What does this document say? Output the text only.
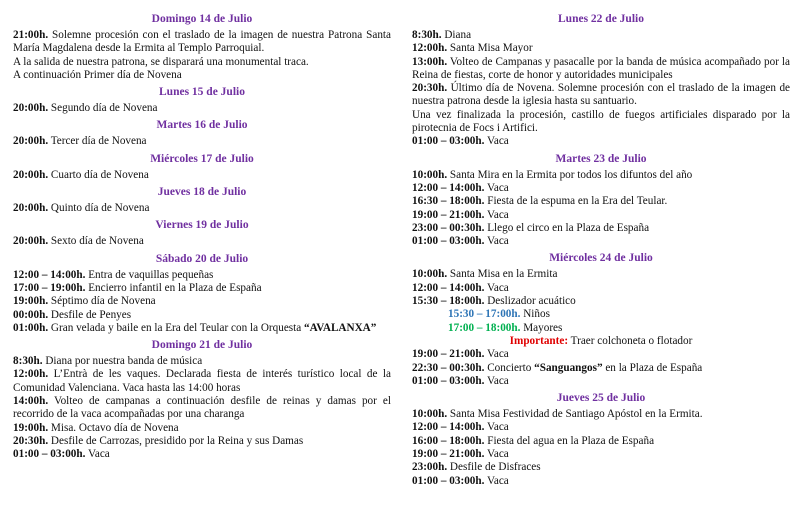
Domingo 14 de Julio
21:00h. Solemne procesión con el traslado de la imagen de nuestra Patrona Santa María Magdalena desde la Ermita al Templo Parroquial.
A la salida de nuestra patrona, se disparará una monumental traca.
A continuación Primer día de Novena
Lunes 15 de Julio
20:00h. Segundo día de Novena
Martes 16 de Julio
20:00h. Tercer día de Novena
Miércoles 17 de Julio
20:00h. Cuarto día de Novena
Jueves 18 de Julio
20:00h. Quinto día de Novena
Viernes 19 de Julio
20:00h. Sexto día de Novena
Sábado 20 de Julio
12:00 – 14:00h. Entra de vaquillas pequeñas
17:00 – 19:00h. Encierro infantil en la Plaza de España
19:00h. Séptimo día de Novena
00:00h. Desfile de Penyes
01:00h. Gran velada y baile en la Era del Teular con la Orquesta “AVALANXA”
Domingo 21 de Julio
8:30h. Diana por nuestra banda de música
12:00h. L’Entrà de les vaques. Declarada fiesta de interés turístico local de la Comunidad Valenciana. Vaca hasta las 14:00 horas
14:00h. Volteo de campanas a continuación desfile de reinas y damas por el recorrido de la vaca acompañadas por una charanga
19:00h. Misa. Octavo día de Novena
20:30h. Desfile de Carrozas, presidido por la Reina y sus Damas
01:00 – 03:00h. Vaca
Lunes 22 de Julio
8:30h. Diana
12:00h. Santa Misa Mayor
13:00h. Volteo de Campanas y pasacalle por la banda de música acompañado por la Reina de fiestas, corte de honor y autoridades municipales
20:30h. Último día de Novena. Solemne procesión con el traslado de la imagen de nuestra patrona desde la iglesia hasta su santuario.
Una vez finalizada la procesión, castillo de fuegos artificiales disparado por la pirotecnia de Focs i Artifici.
01:00 – 03:00h. Vaca
Martes 23 de Julio
10:00h. Santa Mira en la Ermita por todos los difuntos del año
12:00 – 14:00h. Vaca
16:30 – 18:00h. Fiesta de la espuma en la Era del Teular.
19:00 – 21:00h. Vaca
23:00 – 00:30h. Llego el circo en la Plaza de España
01:00 – 03:00h. Vaca
Miércoles 24 de Julio
10:00h. Santa Misa en la Ermita
12:00 – 14:00h. Vaca
15:30 – 18:00h. Deslizador acuático
15:30 – 17:00h. Niños
17:00 – 18:00h. Mayores
Importante: Traer colchoneta o flotador
19:00 – 21:00h. Vaca
22:30 – 00:30h. Concierto “Sanguangos” en la Plaza de España
01:00 – 03:00h. Vaca
Jueves 25 de Julio
10:00h. Santa Misa Festividad de Santiago Apóstol en la Ermita.
12:00 – 14:00h. Vaca
16:00 – 18:00h. Fiesta del agua en la Plaza de España
19:00 – 21:00h. Vaca
23:00h. Desfile de Disfraces
01:00 – 03:00h. Vaca
